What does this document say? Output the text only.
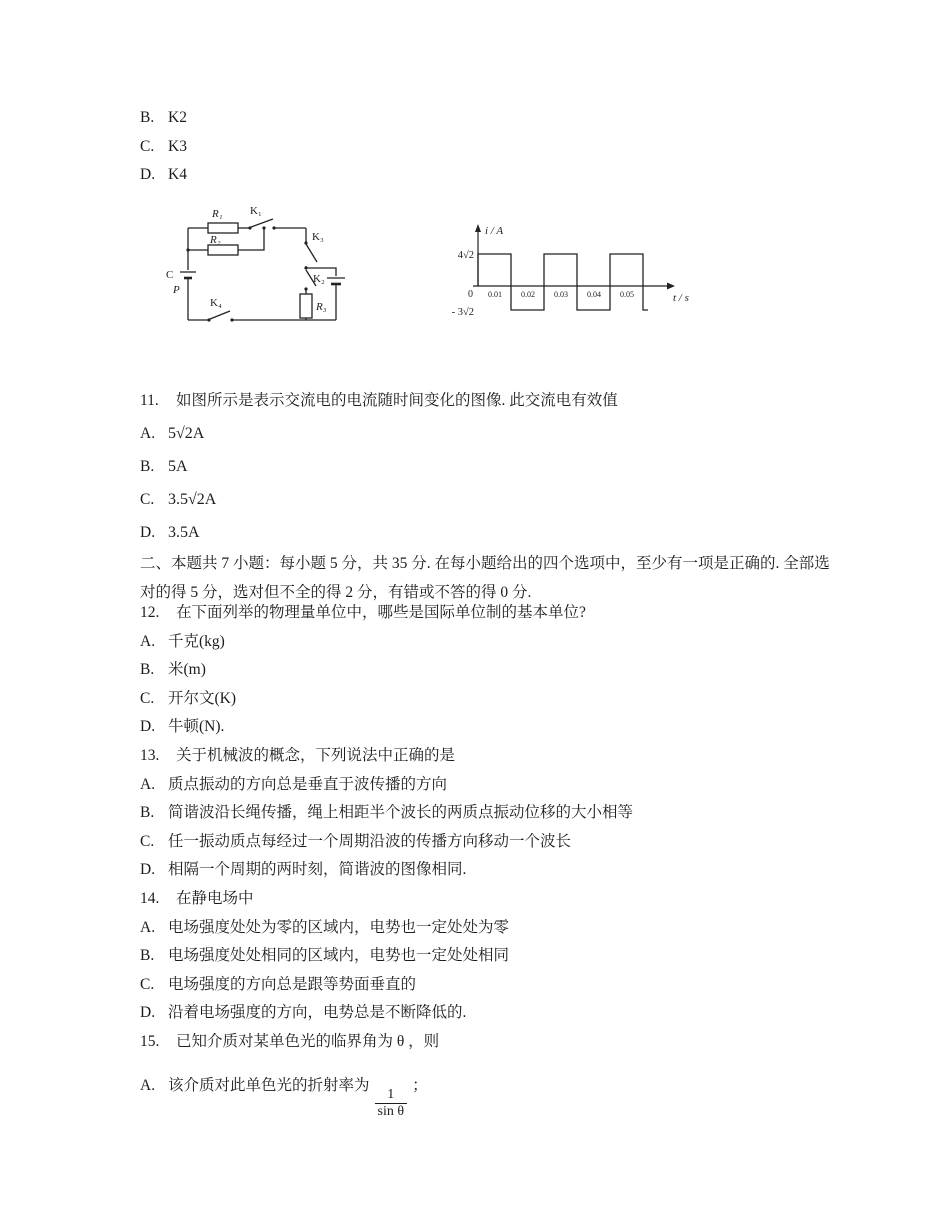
B. K2

C. K3

D. K4

R₁ K₁
K₃
C
P
R₂
K₂
R₃
K₄
i / A
t / s
4√2
0
- 3√2
0.01 0.02 0.03 0.04 0.05

11. 如图所示是表示交流电的电流随时间变化的图像. 此交流电有效值

A. 5√2A

B. 5A

C. 3.5√2A

D. 3.5A

二、本题共 7 小题：每小题 5 分，共 35 分. 在每小题给出的四个选项中，至少有一项是正确的. 全部选对的得 5 分，选对但不全的得 2 分，有错或不答的得 0 分.

12. 在下面列举的物理量单位中，哪些是国际单位制的基本单位?

A. 千克(kg)

B. 米(m)

C. 开尔文(K)

D. 牛顿(N).

13. 关于机械波的概念，下列说法中正确的是

A. 质点振动的方向总是垂直于波传播的方向

B. 简谐波沿长绳传播，绳上相距半个波长的两质点振动位移的大小相等

C. 任一振动质点每经过一个周期沿波的传播方向移动一个波长

D. 相隔一个周期的两时刻，简谐波的图像相同.

14. 在静电场中

A. 电场强度处处为零的区域内，电势也一定处处为零

B. 电场强度处处相同的区域内，电势也一定处处相同

C. 电场强度的方向总是跟等势面垂直的

D. 沿着电场强度的方向，电势总是不断降低的.

15. 已知介质对某单色光的临界角为 θ ，则

A. 该介质对此单色光的折射率为
$\frac{1}{\text{sin θ}}$
；
